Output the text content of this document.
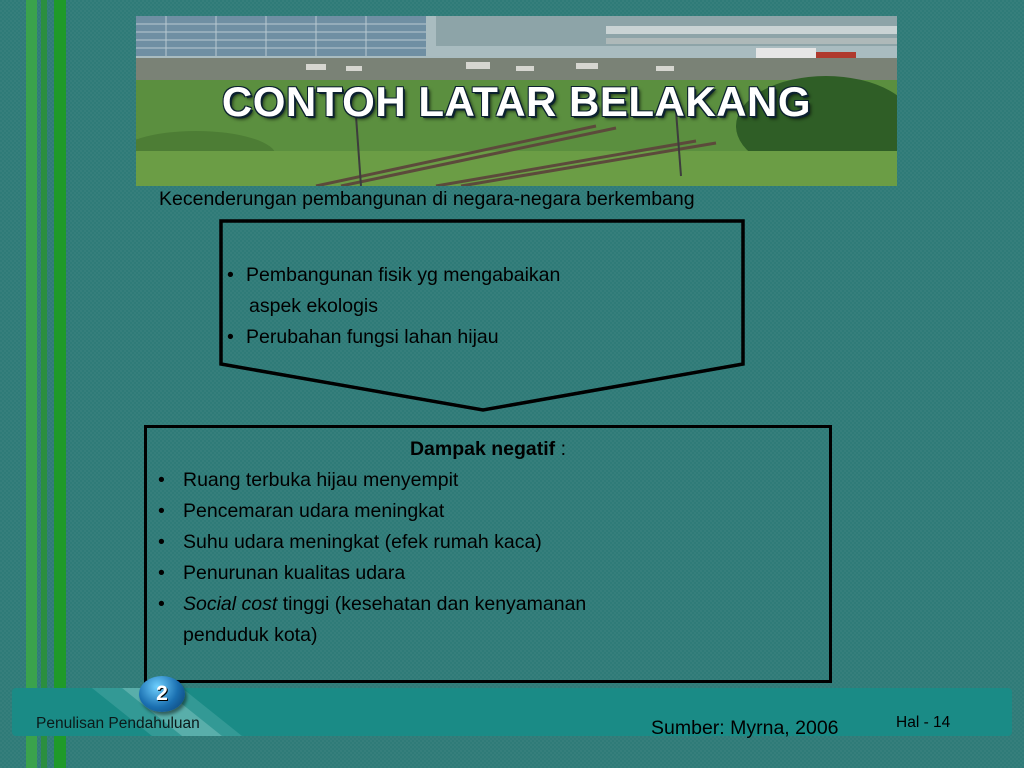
CONTOH LATAR BELAKANG
Kecenderungan pembangunan di negara-negara berkembang
• Pembangunan fisik yg mengabaikan
aspek ekologis
• Perubahan fungsi lahan hijau
Dampak negatif :
• Ruang terbuka hijau menyempit
• Pencemaran udara meningkat
• Suhu udara meningkat (efek rumah kaca)
• Penurunan kualitas udara
• Social cost tinggi (kesehatan dan kenyamanan
penduduk kota)
2
Penulisan Pendahuluan	Sumber: Myrna, 2006	Hal - 14
